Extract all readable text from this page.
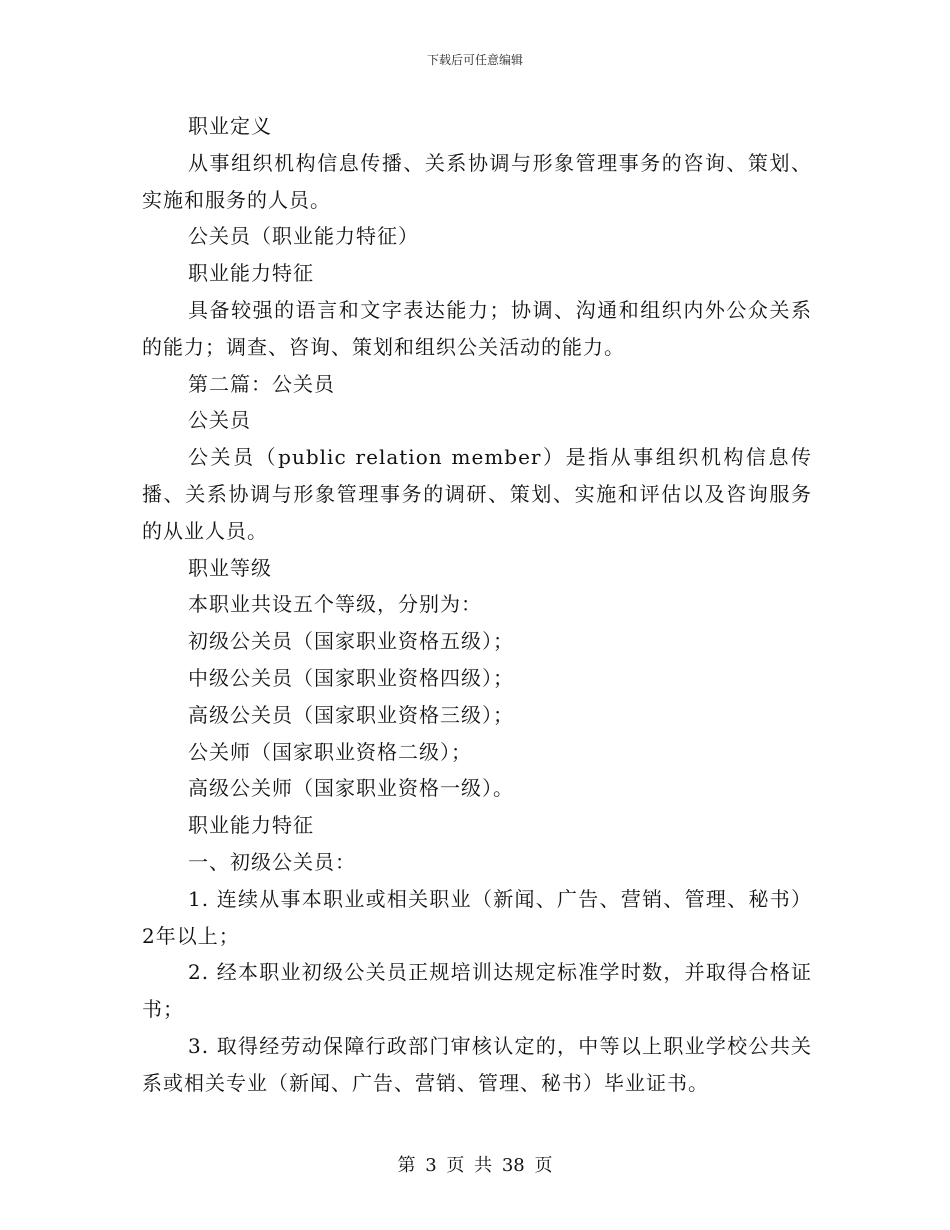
下载后可任意编辑

职业定义

从事组织机构信息传播、关系协调与形象管理事务的咨询、策划、实施和服务的人员。

公关员（职业能力特征）

职业能力特征

具备较强的语言和文字表达能力；协调、沟通和组织内外公众关系的能力；调查、咨询、策划和组织公关活动的能力。

第二篇：公关员

公关员

公关员（public relation member）是指从事组织机构信息传播、关系协调与形象管理事务的调研、策划、实施和评估以及咨询服务的从业人员。

职业等级

本职业共设五个等级，分别为：

初级公关员（国家职业资格五级）；

中级公关员（国家职业资格四级）；

高级公关员（国家职业资格三级）；

公关师（国家职业资格二级）；

高级公关师（国家职业资格一级）。

职业能力特征

一、初级公关员：

1. 连续从事本职业或相关职业（新闻、广告、营销、管理、秘书）2年以上；

2. 经本职业初级公关员正规培训达规定标准学时数，并取得合格证书；

3. 取得经劳动保障行政部门审核认定的，中等以上职业学校公共关系或相关专业（新闻、广告、营销、管理、秘书）毕业证书。

第 3 页 共 38 页
